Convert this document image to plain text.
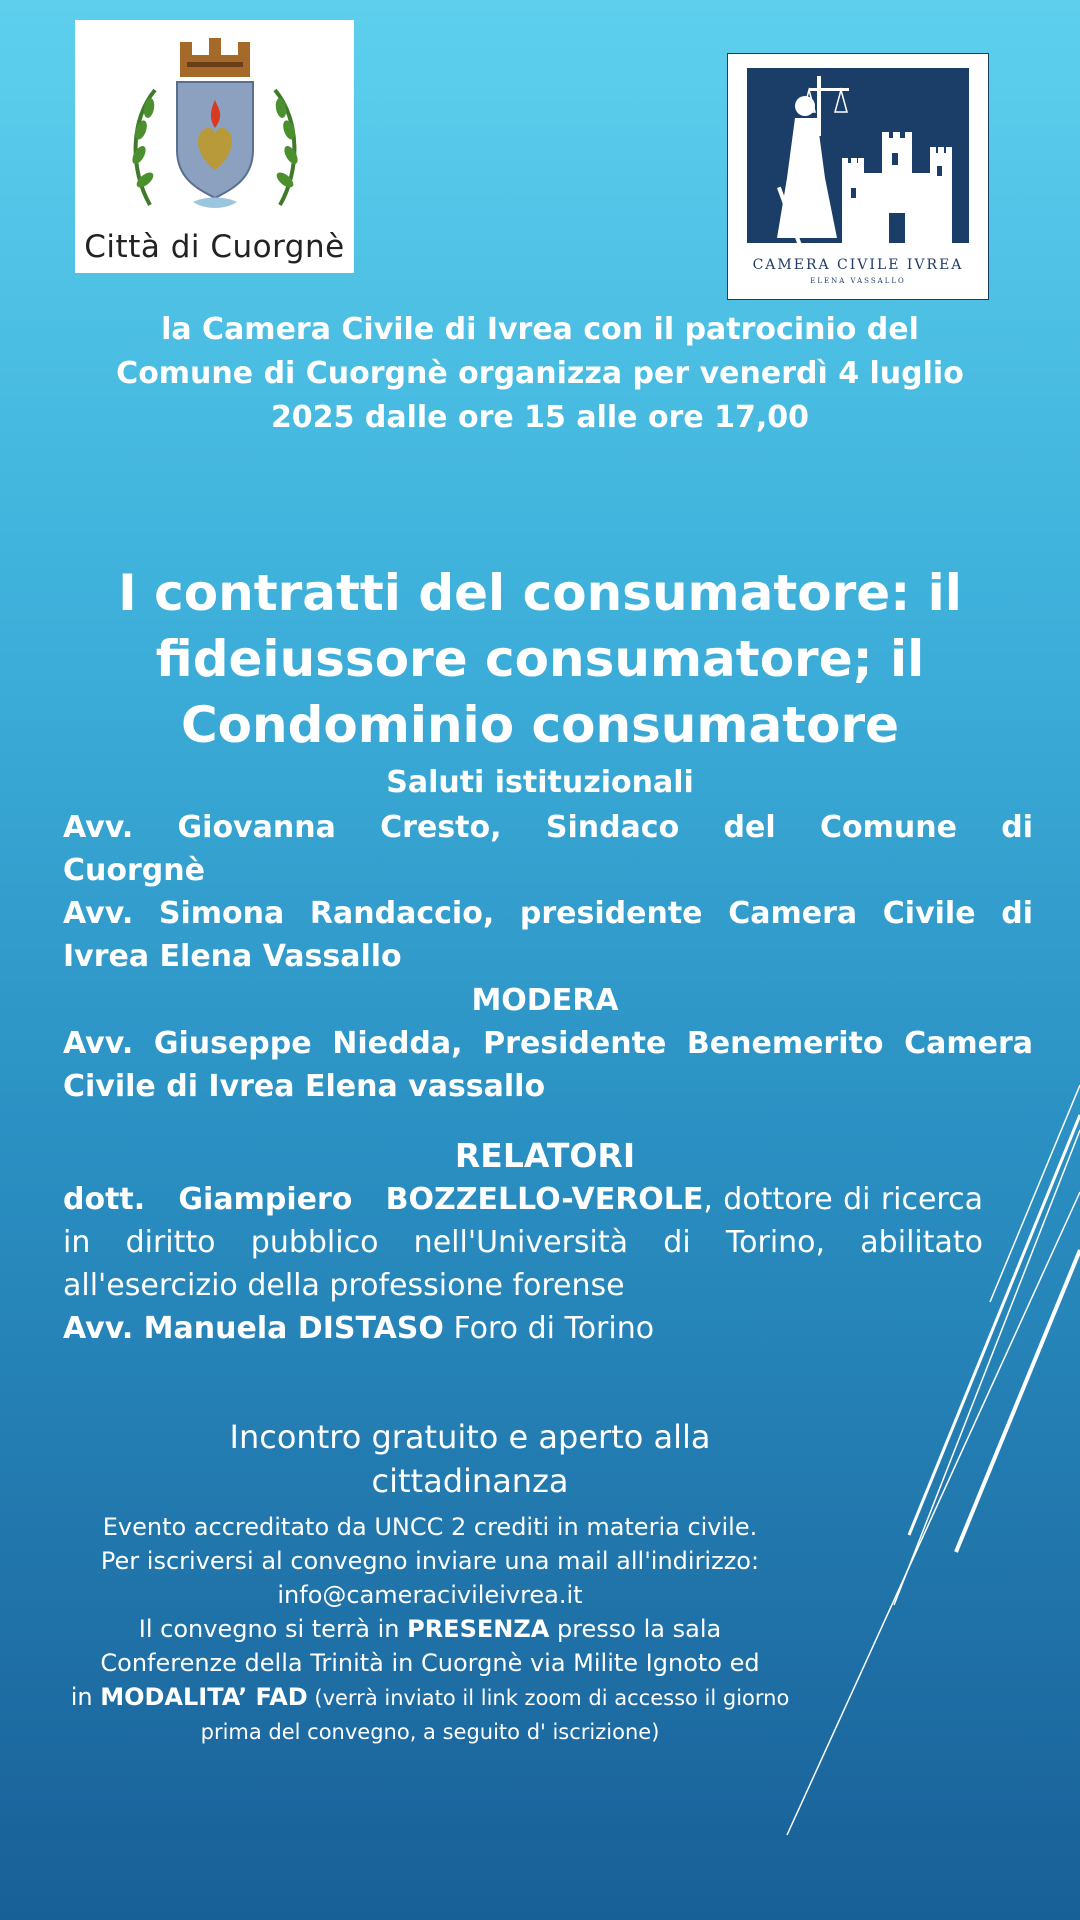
Città di Cuorgnè	CAMERA CIVILE IVREA
ELENA VASSALLO
la Camera Civile di Ivrea con il patrocinio del Comune di Cuorgnè organizza per venerdì 4 luglio 2025 dalle ore 15 alle ore 17,00
I contratti del consumatore: il
fideiussore consumatore; il
Condominio consumatore
Saluti istituzionali
Avv. Giovanna Cresto, Sindaco del Comune di Cuorgnè
Avv. Simona Randaccio, presidente Camera Civile di Ivrea Elena Vassallo
MODERA
Avv. Giuseppe Niedda, Presidente Benemerito Camera Civile di Ivrea Elena vassallo
RELATORI
dott. Giampiero BOZZELLO-VEROLE, dottore di ricerca in diritto pubblico nell'Università di Torino, abilitato all'esercizio della professione forense
Avv. Manuela DISTASO Foro di Torino
Incontro gratuito e aperto alla cittadinanza
Evento accreditato da UNCC 2 crediti in materia civile.
Per iscriversi al convegno inviare una mail all'indirizzo:
info@cameracivileivrea.it
Il convegno si terrà in PRESENZA presso la sala
Conferenze della Trinità in Cuorgnè via Milite Ignoto ed
in MODALITA’ FAD (verrà inviato il link zoom di accesso il giorno
prima del convegno, a seguito d' iscrizione)
